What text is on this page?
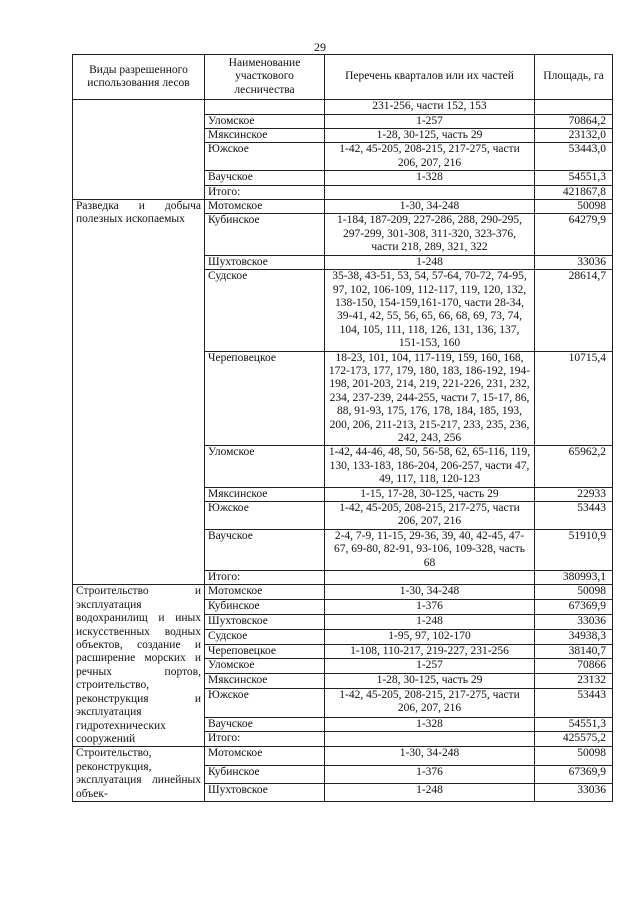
29
Виды разрешенного использования лесов	Наименование участкового лесничества	Перечень кварталов или их частей	Площадь, га
		231-256, части 152, 153	
	Уломское	1-257	70864,2
	Мяксинское	1-28, 30-125, часть 29	23132,0
	Южское	1-42, 45-205, 208-215, 217-275, части 206, 207, 216	53443,0
	Ваучское	1-328	54551,3
	Итого:		421867,8
Разведка и добыча полезных ископаемых	Мотомское	1-30, 34-248	50098
	Кубинское	1-184, 187-209, 227-286, 288, 290-295, 297-299, 301-308, 311-320, 323-376, части 218, 289, 321, 322	64279,9
	Шухтовское	1-248	33036
	Судское	35-38, 43-51, 53, 54, 57-64, 70-72, 74-95, 97, 102, 106-109, 112-117, 119, 120, 132, 138-150, 154-159,161-170, части 28-34, 39-41, 42, 55, 56, 65, 66, 68, 69, 73, 74, 104, 105, 111, 118, 126, 131, 136, 137, 151-153, 160	28614,7
	Череповецкое	18-23, 101, 104, 117-119, 159, 160, 168, 172-173, 177, 179, 180, 183, 186-192, 194-198, 201-203, 214, 219, 221-226, 231, 232, 234, 237-239, 244-255, части 7, 15-17, 86, 88, 91-93, 175, 176, 178, 184, 185, 193, 200, 206, 211-213, 215-217, 233, 235, 236, 242, 243, 256	10715,4
	Уломское	1-42, 44-46, 48, 50, 56-58, 62, 65-116, 119, 130, 133-183, 186-204, 206-257, части 47, 49, 117, 118, 120-123	65962,2
	Мяксинское	1-15, 17-28, 30-125, часть 29	22933
	Южское	1-42, 45-205, 208-215, 217-275, части 206, 207, 216	53443
	Ваучское	2-4, 7-9, 11-15, 29-36, 39, 40, 42-45, 47-67, 69-80, 82-91, 93-106, 109-328, часть 68	51910,9
	Итого:		380993,1
Строительство и эксплуатация водохранилищ и иных искусственных водных объектов, создание и расширение морских и речных портов, строительство, реконструкция и эксплуатация гидротехнических сооружений	Мотомское	1-30, 34-248	50098
	Кубинское	1-376	67369,9
	Шухтовское	1-248	33036
	Судское	1-95, 97, 102-170	34938,3
	Череповецкое	1-108, 110-217, 219-227, 231-256	38140,7
	Уломское	1-257	70866
	Мяксинское	1-28, 30-125, часть 29	23132
	Южское	1-42, 45-205, 208-215, 217-275, части 206, 207, 216	53443
	Ваучское	1-328	54551,3
	Итого:		425575,2
Строительство, реконструкция, эксплуатация линейных объек-	Мотомское	1-30, 34-248	50098
	Кубинское	1-376	67369,9
	Шухтовское	1-248	33036
